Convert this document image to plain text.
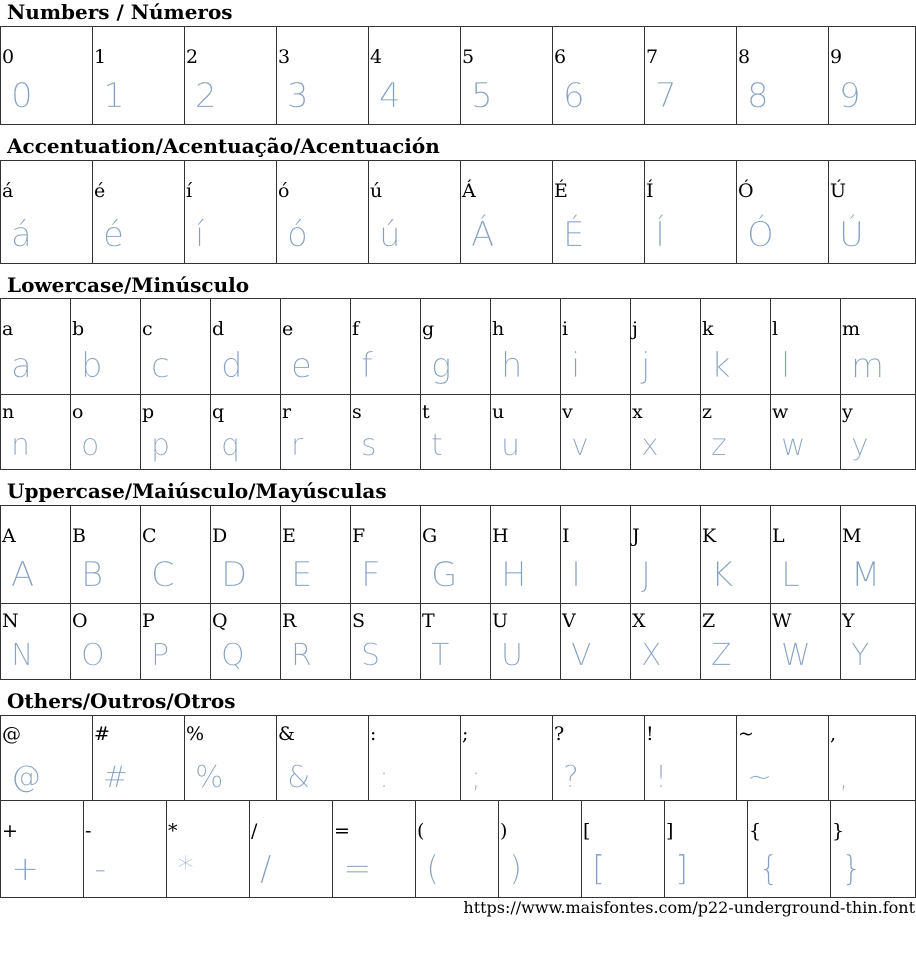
Numbers / Números
0
0
1
1
2
2
3
3
4
4
5
5
6
6
7
7
8
8
9
9
Accentuation/Acentuação/Acentuación
á
á
é
é
í
í
ó
ó
ú
ú
Á
Á
É
É
Í
Í
Ó
Ó
Ú
Ú
Lowercase/Minúsculo
a
a
b
b
c
c
d
d
e
e
f
f
g
g
h
h
i
i
j
j
k
k
l
l
m
m
n
n
o
o
p
p
q
q
r
r
s
s
t
t
u
u
v
v
x
x
z
z
w
w
y
y
Uppercase/Maiúsculo/Mayúsculas
A
A
B
B
C
C
D
D
E
E
F
F
G
G
H
H
I
I
J
J
K
K
L
L
M
M
N
N
O
O
P
P
Q
Q
R
R
S
S
T
T
U
U
V
V
X
X
Z
Z
W
W
Y
Y
Others/Outros/Otros
@
@
#
#
%
%
&
&
:
:
;
;
?
?
!
!
~
~
,
,
+
+
-
-
*
*
/
/
=
=
(
(
)
)
[
[
]
]
{
{
}
}
https://www.maisfontes.com/p22-underground-thin.font
